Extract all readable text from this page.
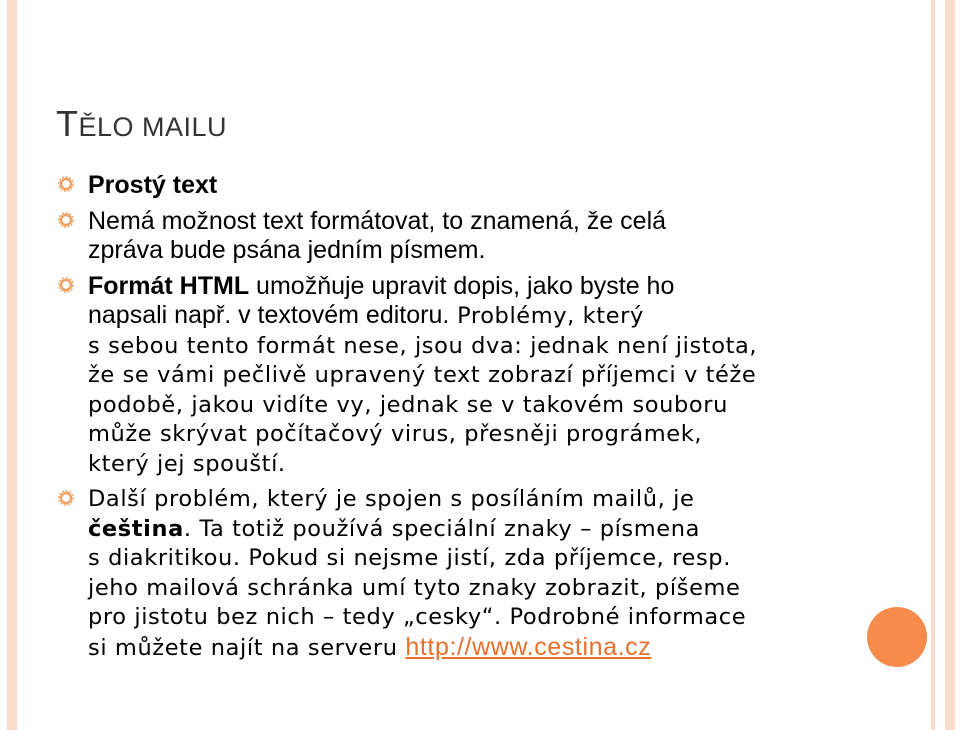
TĚLO MAILU
Prostý text
Nemá možnost text formátovat, to znamená, že celá
zpráva bude psána jedním písmem.
Formát HTML umožňuje upravit dopis, jako byste ho
napsali např. v textovém editoru. Problémy, který
s sebou tento formát nese, jsou dva: jednak není jistota,
že se vámi pečlivě upravený text zobrazí příjemci v téže
podobě, jakou vidíte vy, jednak se v takovém souboru
může skrývat počítačový virus, přesněji prográmek,
který jej spouští.
Další problém, který je spojen s posíláním mailů, je
čeština. Ta totiž používá speciální znaky – písmena
s diakritikou. Pokud si nejsme jistí, zda příjemce, resp.
jeho mailová schránka umí tyto znaky zobrazit, píšeme
pro jistotu bez nich – tedy „cesky“. Podrobné informace
si můžete najít na serveru http://www.cestina.cz
